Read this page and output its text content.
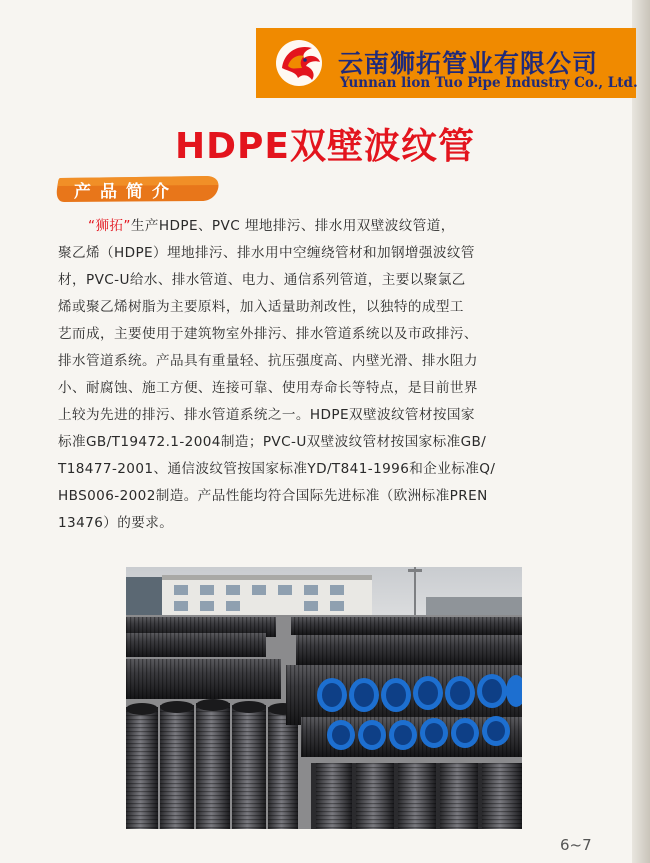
云南狮拓管业有限公司
Yunnan lion Tuo Pipe Industry Co., Ltd.
HDPE双壁波纹管
产品简介
“狮拓”生产HDPE、PVC 埋地排污、排水用双壁波纹管道，
聚乙烯（HDPE）埋地排污、排水用中空缠绕管材和加钢增强波纹管
材，PVC-U给水、排水管道、电力、通信系列管道，主要以聚氯乙
烯或聚乙烯树脂为主要原料，加入适量助剂改性，以独特的成型工
艺而成，主要使用于建筑物室外排污、排水管道系统以及市政排污、
排水管道系统。产品具有重量轻、抗压强度高、内壁光滑、排水阻力
小、耐腐蚀、施工方便、连接可靠、使用寿命长等特点，是目前世界
上较为先进的排污、排水管道系统之一。HDPE双壁波纹管材按国家
标准GB/T19472.1-2004制造；PVC-U双壁波纹管材按国家标准GB/
T18477-2001、通信波纹管按国家标准YD/T841-1996和企业标准Q/
HBS006-2002制造。产品性能均符合国际先进标准（欧洲标准PREN
13476）的要求。
6~7
